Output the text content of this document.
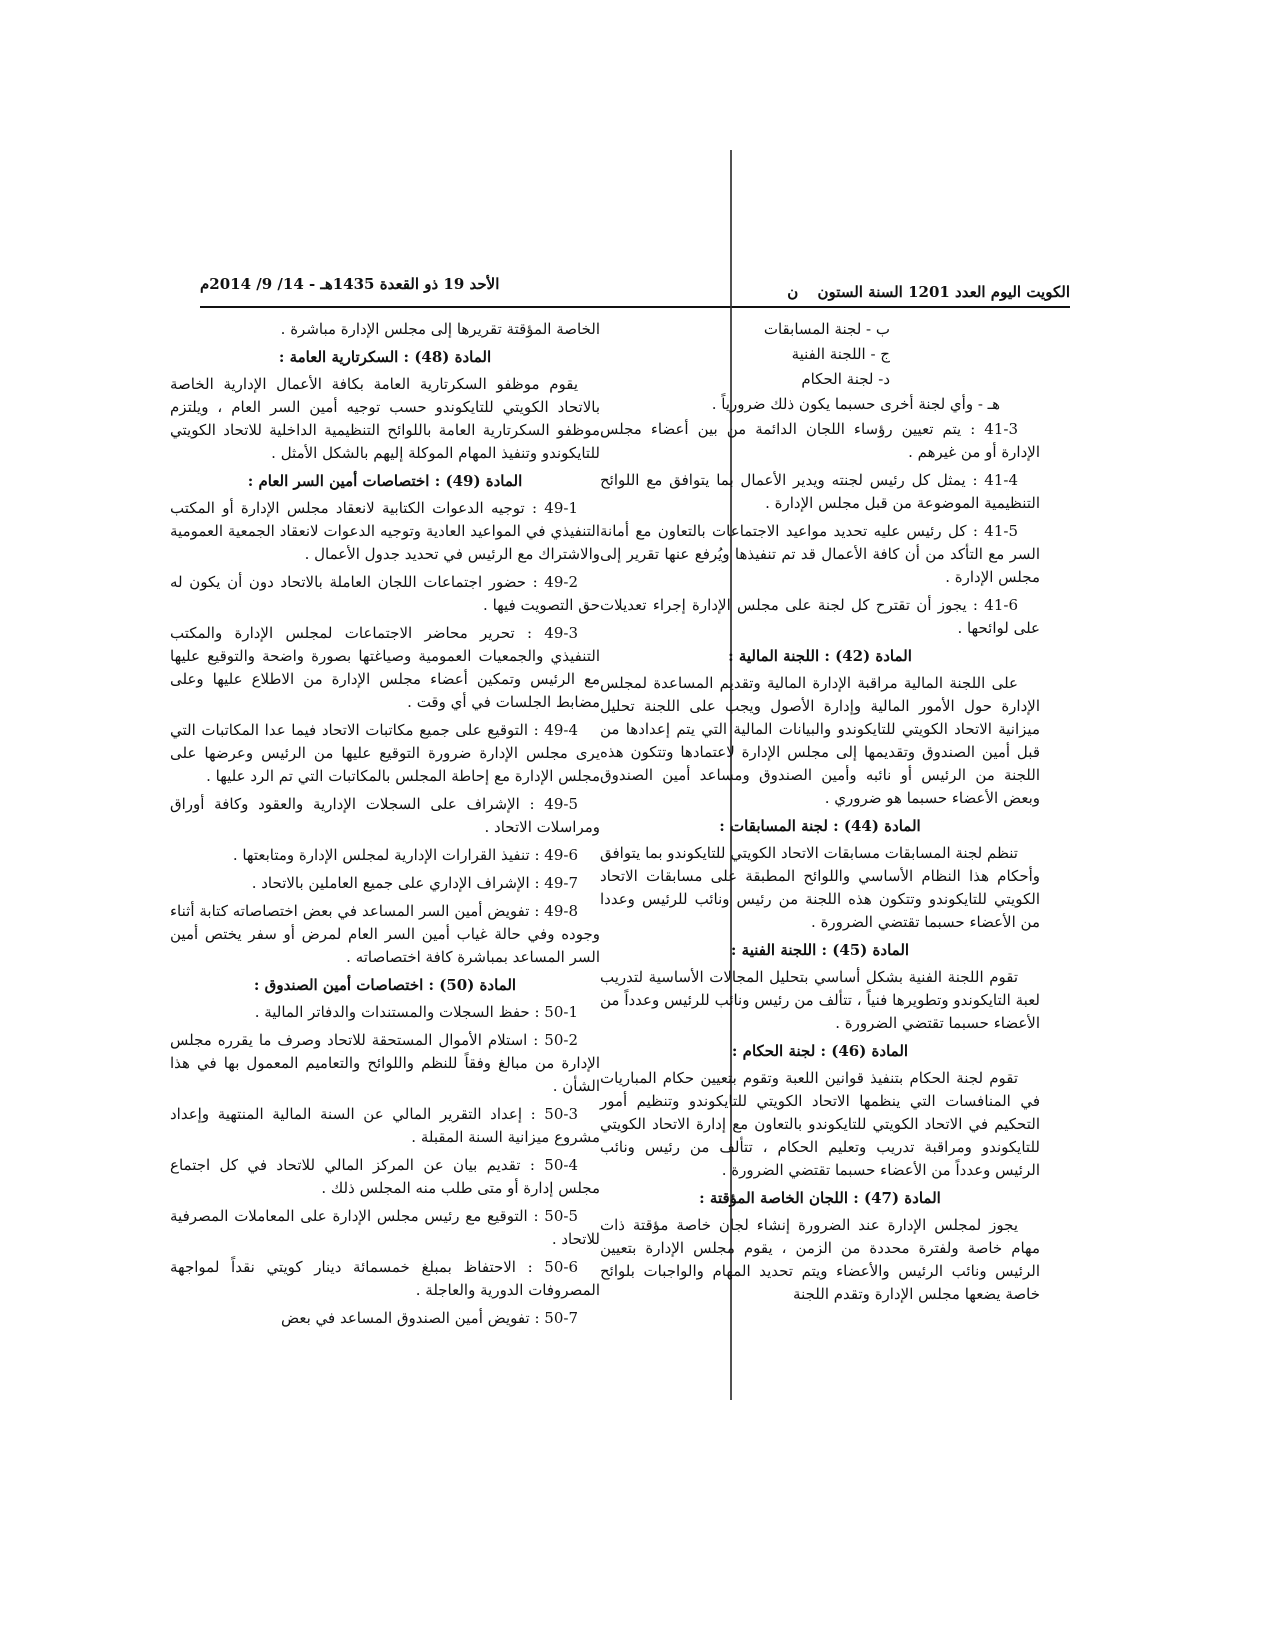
الكويت اليوم العدد 1201 السنة الستون ن
الأحد 19 ذو القعدة 1435هـ - 14/ 9/ 2014م

ب - لجنة المسابقات

ج - اللجنة الفنية

د- لجنة الحكام

هـ - وأي لجنة أخرى حسبما يكون ذلك ضرورياً .

41-3 : يتم تعيين رؤساء اللجان الدائمة من بين أعضاء مجلس الإدارة أو من غيرهم .

41-4 : يمثل كل رئيس لجنته ويدير الأعمال بما يتوافق مع اللوائح التنظيمية الموضوعة من قبل مجلس الإدارة .

41-5 : كل رئيس عليه تحديد مواعيد الاجتماعات بالتعاون مع أمانة السر مع التأكد من أن كافة الأعمال قد تم تنفيذها ويُرفع عنها تقرير إلى مجلس الإدارة .

41-6 : يجوز أن تقترح كل لجنة على مجلس الإدارة إجراء تعديلات على لوائحها .

المادة (42) : اللجنة المالية :

على اللجنة المالية مراقبة الإدارة المالية وتقديم المساعدة لمجلس الإدارة حول الأمور المالية وإدارة الأصول ويجب على اللجنة تحليل ميزانية الاتحاد الكويتي للتايكوندو والبيانات المالية التي يتم إعدادها من قبل أمين الصندوق وتقديمها إلى مجلس الإدارة لاعتمادها وتتكون هذه اللجنة من الرئيس أو نائبه وأمين الصندوق ومساعد أمين الصندوق وبعض الأعضاء حسبما هو ضروري .

المادة (44) : لجنة المسابقات :

تنظم لجنة المسابقات مسابقات الاتحاد الكويتي للتايكوندو بما يتوافق وأحكام هذا النظام الأساسي واللوائح المطبقة على مسابقات الاتحاد الكويتي للتايكوندو وتتكون هذه اللجنة من رئيس ونائب للرئيس وعددا من الأعضاء حسبما تقتضي الضرورة .

المادة (45) : اللجنة الفنية :

تقوم اللجنة الفنية بشكل أساسي بتحليل المجالات الأساسية لتدريب لعبة التايكوندو وتطويرها فنياً ، تتألف من رئيس ونائب للرئيس وعدداً من الأعضاء حسبما تقتضي الضرورة .

المادة (46) : لجنة الحكام :

تقوم لجنة الحكام بتنفيذ قوانين اللعبة وتقوم بتعيين حكام المباريات في المنافسات التي ينظمها الاتحاد الكويتي للتايكوندو وتنظيم أمور التحكيم في الاتحاد الكويتي للتايكوندو بالتعاون مع إدارة الاتحاد الكويتي للتايكوندو ومراقبة تدريب وتعليم الحكام ، تتألف من رئيس ونائب الرئيس وعدداً من الأعضاء حسبما تقتضي الضرورة .

المادة (47) : اللجان الخاصة المؤقتة :

يجوز لمجلس الإدارة عند الضرورة إنشاء لجان خاصة مؤقتة ذات مهام خاصة ولفترة محددة من الزمن ، يقوم مجلس الإدارة بتعيين الرئيس ونائب الرئيس والأعضاء ويتم تحديد المهام والواجبات بلوائح خاصة يضعها مجلس الإدارة وتقدم اللجنة

الخاصة المؤقتة تقريرها إلى مجلس الإدارة مباشرة .

المادة (48) : السكرتارية العامة :

يقوم موظفو السكرتارية العامة بكافة الأعمال الإدارية الخاصة بالاتحاد الكويتي للتايكوندو حسب توجيه أمين السر العام ، ويلتزم موظفو السكرتارية العامة باللوائح التنظيمية الداخلية للاتحاد الكويتي للتايكوندو وتنفيذ المهام الموكلة إليهم بالشكل الأمثل .

المادة (49) : اختصاصات أمين السر العام :

49-1 : توجيه الدعوات الكتابية لانعقاد مجلس الإدارة أو المكتب التنفيذي في المواعيد العادية وتوجيه الدعوات لانعقاد الجمعية العمومية والاشتراك مع الرئيس في تحديد جدول الأعمال .

49-2 : حضور اجتماعات اللجان العاملة بالاتحاد دون أن يكون له حق التصويت فيها .

49-3 : تحرير محاضر الاجتماعات لمجلس الإدارة والمكتب التنفيذي والجمعيات العمومية وصياغتها بصورة واضحة والتوقيع عليها مع الرئيس وتمكين أعضاء مجلس الإدارة من الاطلاع عليها وعلى مضابط الجلسات في أي وقت .

49-4 : التوقيع على جميع مكاتبات الاتحاد فيما عدا المكاتبات التي يرى مجلس الإدارة ضرورة التوقيع عليها من الرئيس وعرضها على مجلس الإدارة مع إحاطة المجلس بالمكاتبات التي تم الرد عليها .

49-5 : الإشراف على السجلات الإدارية والعقود وكافة أوراق ومراسلات الاتحاد .

49-6 : تنفيذ القرارات الإدارية لمجلس الإدارة ومتابعتها .

49-7 : الإشراف الإداري على جميع العاملين بالاتحاد .

49-8 : تفويض أمين السر المساعد في بعض اختصاصاته كتابة أثناء وجوده وفي حالة غياب أمين السر العام لمرض أو سفر يختص أمين السر المساعد بمباشرة كافة اختصاصاته .

المادة (50) : اختصاصات أمين الصندوق :

50-1 : حفظ السجلات والمستندات والدفاتر المالية .

50-2 : استلام الأموال المستحقة للاتحاد وصرف ما يقرره مجلس الإدارة من مبالغ وفقاً للنظم واللوائح والتعاميم المعمول بها في هذا الشأن .

50-3 : إعداد التقرير المالي عن السنة المالية المنتهية وإعداد مشروع ميزانية السنة المقبلة .

50-4 : تقديم بيان عن المركز المالي للاتحاد في كل اجتماع مجلس إدارة أو متى طلب منه المجلس ذلك .

50-5 : التوقيع مع رئيس مجلس الإدارة على المعاملات المصرفية للاتحاد .

50-6 : الاحتفاظ بمبلغ خمسمائة دينار كويتي نقداً لمواجهة المصروفات الدورية والعاجلة .

50-7 : تفويض أمين الصندوق المساعد في بعض
